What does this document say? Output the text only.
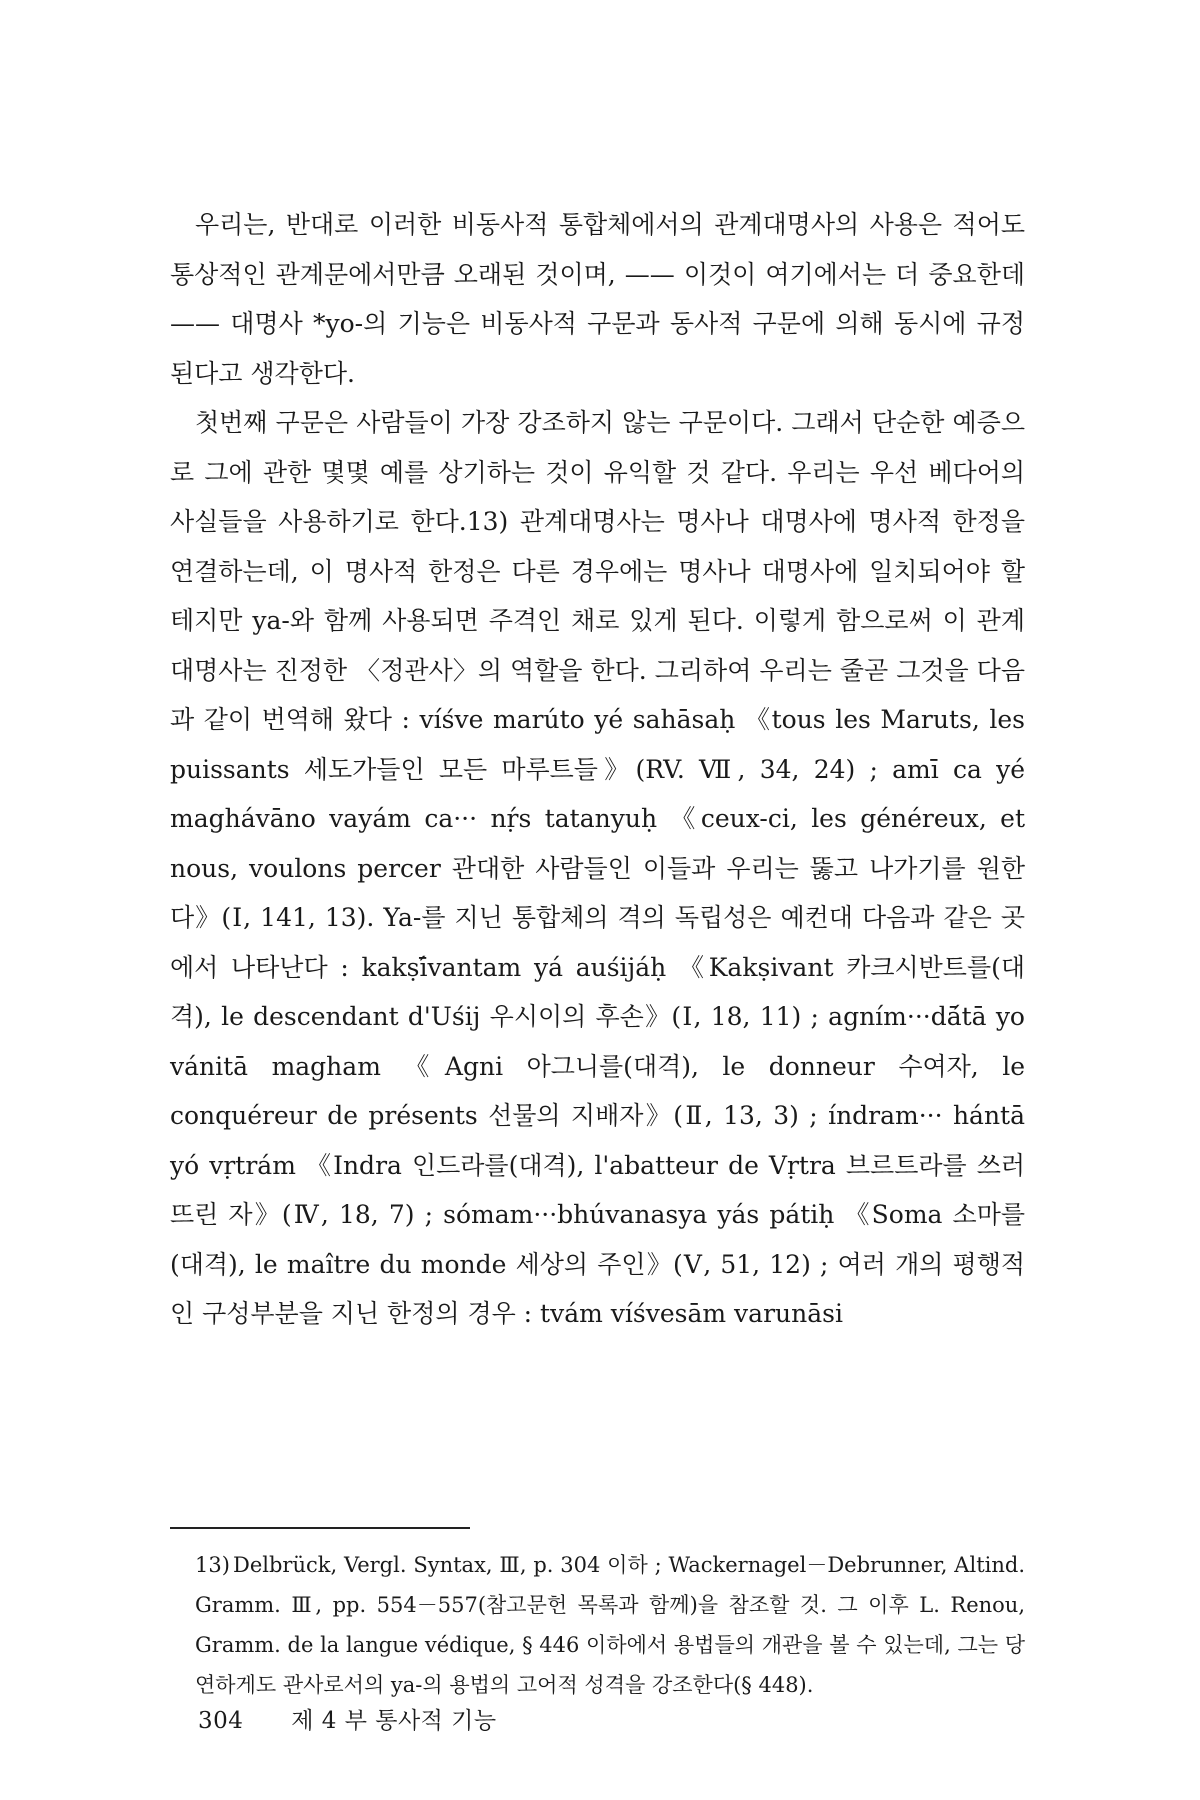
우리는, 반대로 이러한 비동사적 통합체에서의 관계대명사의 사용은 적어도 통상적인 관계문에서만큼 오래된 것이며, —— 이것이 여기에서는 더 중요한데 —— 대명사 *yo-의 기능은 비동사적 구문과 동사적 구문에 의해 동시에 규정된다고 생각한다.

첫번째 구문은 사람들이 가장 강조하지 않는 구문이다. 그래서 단순한 예증으로 그에 관한 몇몇 예를 상기하는 것이 유익할 것 같다. 우리는 우선 베다어의 사실들을 사용하기로 한다.13) 관계대명사는 명사나 대명사에 명사적 한정을 연결하는데, 이 명사적 한정은 다른 경우에는 명사나 대명사에 일치되어야 할 테지만 ya-와 함께 사용되면 주격인 채로 있게 된다. 이렇게 함으로써 이 관계대명사는 진정한 〈정관사〉의 역할을 한다. 그리하여 우리는 줄곧 그것을 다음과 같이 번역해 왔다 : víśve marúto yé sahāsaḥ 《tous les Maruts, les puissants 세도가들인 모든 마루트들》(RV. Ⅶ, 34, 24) ; amī ca yé maghávāno vayám ca··· nṛ́s tatanyuḥ 《ceux-ci, les généreux, et nous, voulons percer 관대한 사람들인 이들과 우리는 뚫고 나가기를 원한다》(Ⅰ, 141, 13). Ya-를 지닌 통합체의 격의 독립성은 예컨대 다음과 같은 곳에서 나타난다 : kakṣī́vantam yá auśijáḥ 《Kakṣivant 카크시반트를(대격), le descendant d'Uśij 우시이의 후손》(Ⅰ, 18, 11) ; agním···dā́tā yo vánitā magham 《Agni 아그니를(대격), le donneur 수여자, le conquéreur de présents 선물의 지배자》(Ⅱ, 13, 3) ; índram··· hántā yó vṛtrám 《Indra 인드라를(대격), l'abatteur de Vṛtra 브르트라를 쓰러뜨린 자》(Ⅳ, 18, 7) ; sómam···bhúvanasya yás pátiḥ 《Soma 소마를(대격), le maître du monde 세상의 주인》(Ⅴ, 51, 12) ; 여러 개의 평행적인 구성부분을 지닌 한정의 경우 : tvám víśvesām varunāsi

13) Delbrück, Vergl. Syntax, Ⅲ, p. 304 이하 ; Wackernagel－Debrunner, Altind. Gramm. Ⅲ, pp. 554－557(참고문헌 목록과 함께)을 참조할 것. 그 이후 L. Renou, Gramm. de la langue védique, § 446 이하에서 용법들의 개관을 볼 수 있는데, 그는 당연하게도 관사로서의 ya-의 용법의 고어적 성격을 강조한다(§ 448).
304 제 4 부 통사적 기능
